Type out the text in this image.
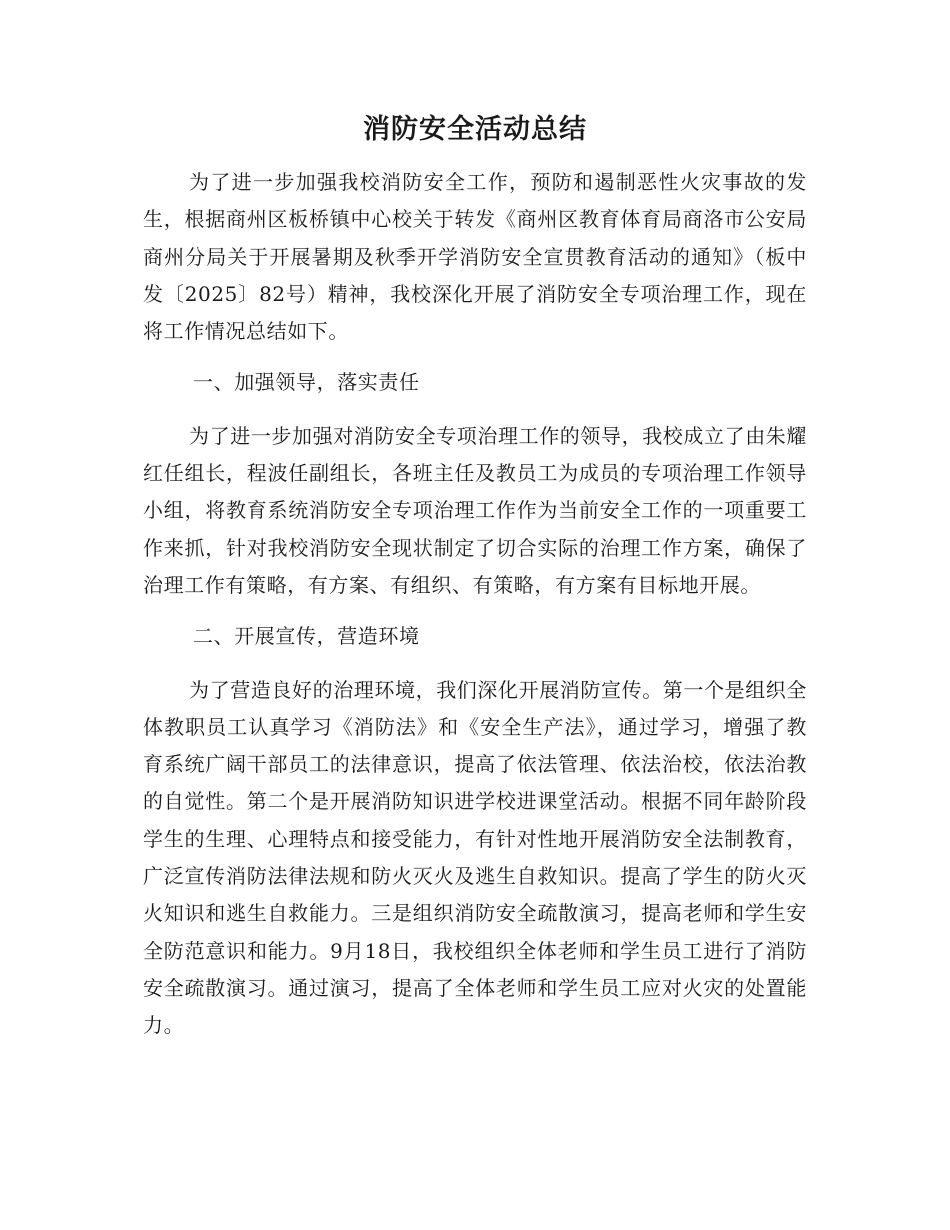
消防安全活动总结

为了进一步加强我校消防安全工作，预防和遏制恶性火灾事故的发生，根据商州区板桥镇中心校关于转发《商州区教育体育局商洛市公安局商州分局关于开展暑期及秋季开学消防安全宣贯教育活动的通知》（板中发〔2025〕82号）精神，我校深化开展了消防安全专项治理工作，现在将工作情况总结如下。

一、加强领导，落实责任

为了进一步加强对消防安全专项治理工作的领导，我校成立了由朱耀红任组长，程波任副组长，各班主任及教员工为成员的专项治理工作领导小组，将教育系统消防安全专项治理工作作为当前安全工作的一项重要工作来抓，针对我校消防安全现状制定了切合实际的治理工作方案，确保了治理工作有策略，有方案、有组织、有策略，有方案有目标地开展。

二、开展宣传，营造环境

为了营造良好的治理环境，我们深化开展消防宣传。第一个是组织全体教职员工认真学习《消防法》和《安全生产法》，通过学习，增强了教育系统广阔干部员工的法律意识，提高了依法管理、依法治校，依法治教的自觉性。第二个是开展消防知识进学校进课堂活动。根据不同年龄阶段学生的生理、心理特点和接受能力，有针对性地开展消防安全法制教育，广泛宣传消防法律法规和防火灭火及逃生自救知识。提高了学生的防火灭火知识和逃生自救能力。三是组织消防安全疏散演习，提高老师和学生安全防范意识和能力。9月18日，我校组织全体老师和学生员工进行了消防安全疏散演习。通过演习，提高了全体老师和学生员工应对火灾的处置能力。
